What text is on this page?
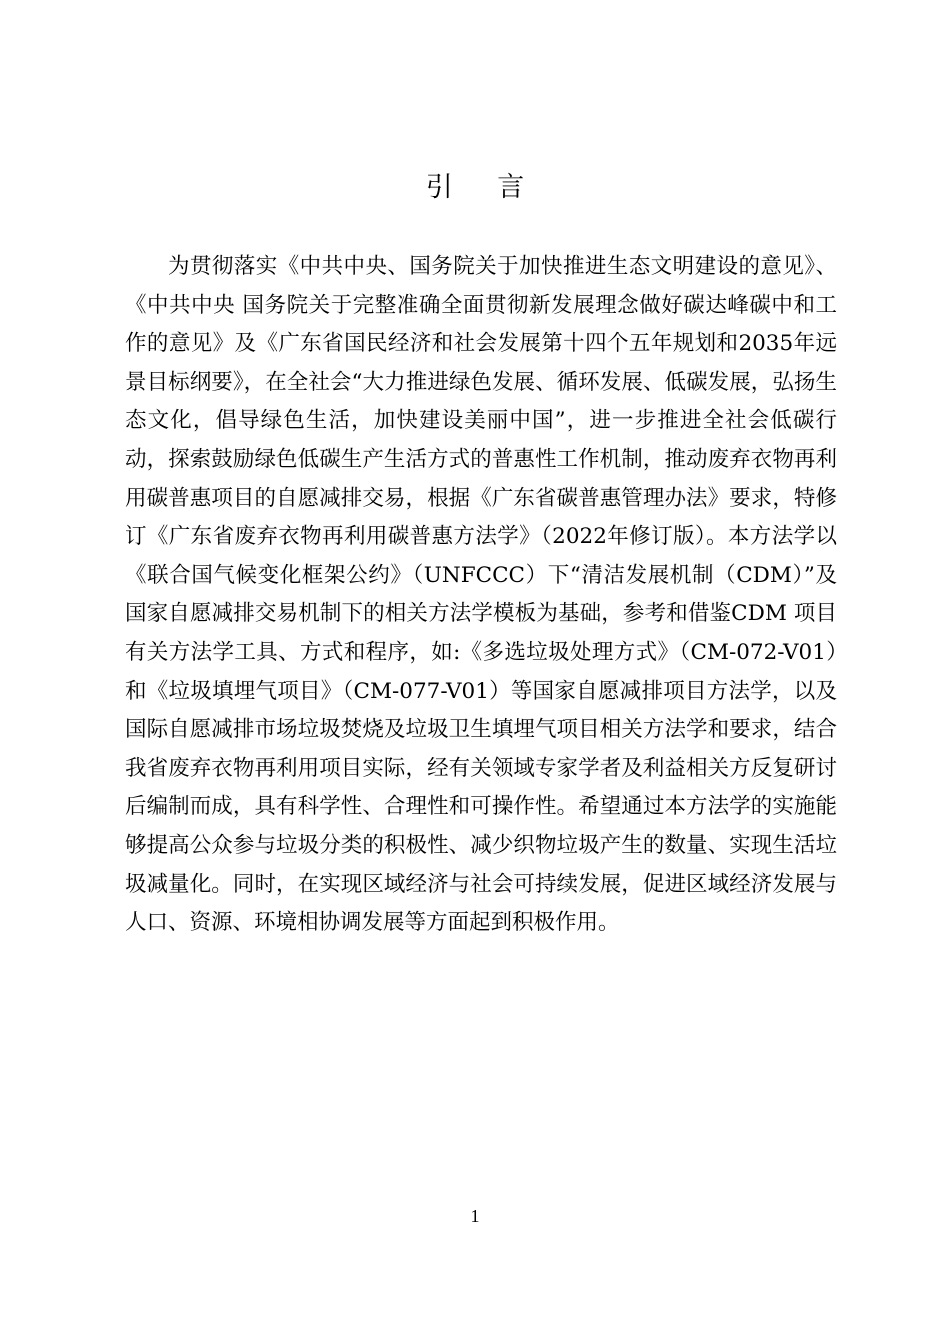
引 言

为贯彻落实《中共中央、国务院关于加快推进生态文明建设的意见》、《中共中央 国务院关于完整准确全面贯彻新发展理念做好碳达峰碳中和工作的意见》及《广东省国民经济和社会发展第十四个五年规划和2035年远景目标纲要》，在全社会“大力推进绿色发展、循环发展、低碳发展，弘扬生态文化，倡导绿色生活，加快建设美丽中国”，进一步推进全社会低碳行动，探索鼓励绿色低碳生产生活方式的普惠性工作机制，推动废弃衣物再利用碳普惠项目的自愿减排交易，根据《广东省碳普惠管理办法》要求，特修订《广东省废弃衣物再利用碳普惠方法学》（2022年修订版）。本方法学以《联合国气候变化框架公约》（UNFCCC）下“清洁发展机制（CDM）”及国家自愿减排交易机制下的相关方法学模板为基础，参考和借鉴CDM 项目有关方法学工具、方式和程序，如:《多选垃圾处理方式》（CM-072-V01）和《垃圾填埋气项目》（CM-077-V01）等国家自愿减排项目方法学，以及国际自愿减排市场垃圾焚烧及垃圾卫生填埋气项目相关方法学和要求，结合我省废弃衣物再利用项目实际，经有关领域专家学者及利益相关方反复研讨后编制而成，具有科学性、合理性和可操作性。希望通过本方法学的实施能够提高公众参与垃圾分类的积极性、减少织物垃圾产生的数量、实现生活垃圾减量化。同时，在实现区域经济与社会可持续发展，促进区域经济发展与人口、资源、环境相协调发展等方面起到积极作用。

1
